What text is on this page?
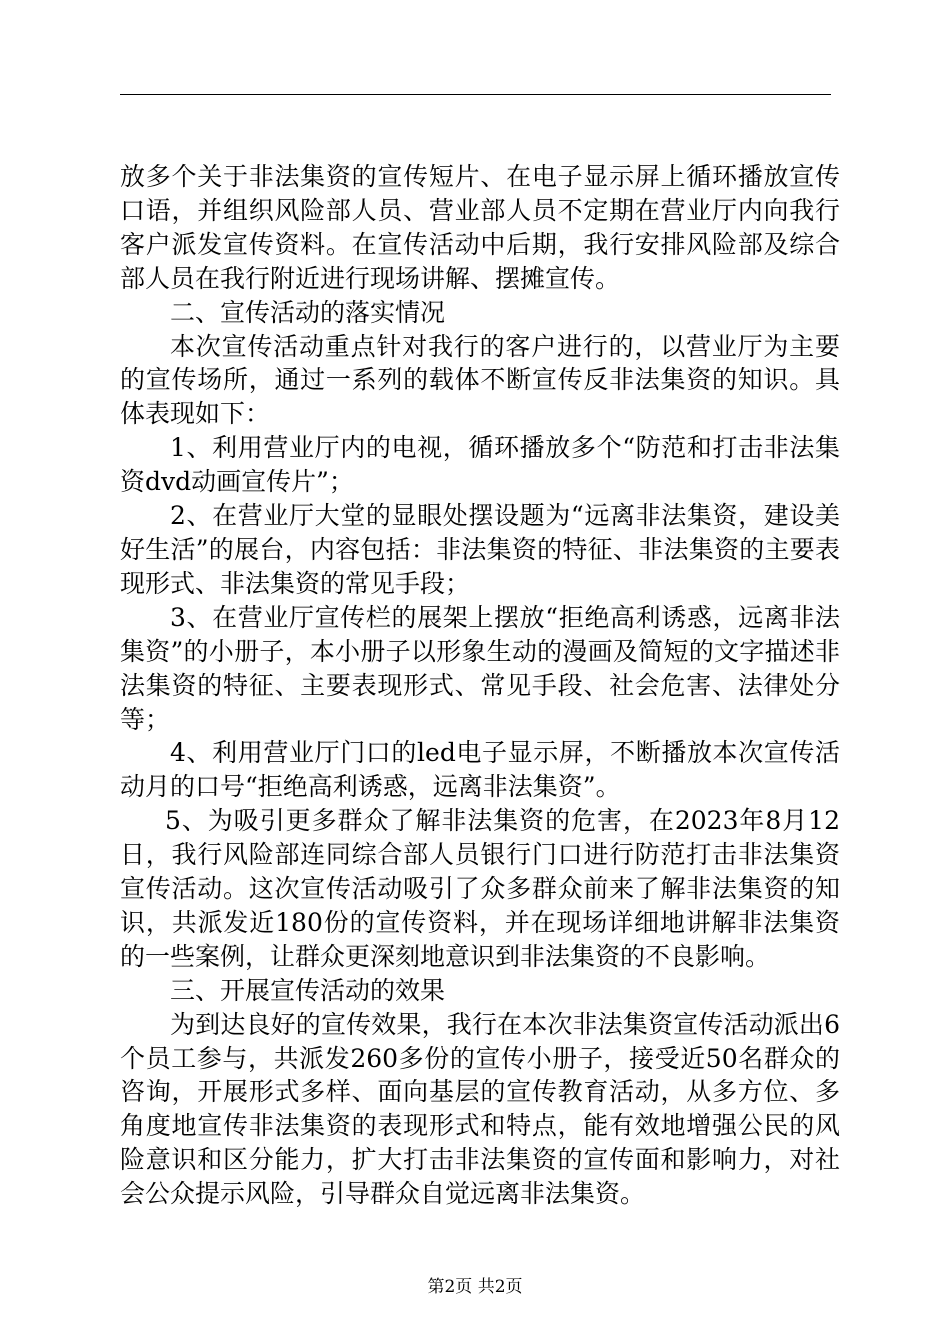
放多个关于非法集资的宣传短片、在电子显示屏上循环播放宣传口语，并组织风险部人员、营业部人员不定期在营业厅内向我行客户派发宣传资料。在宣传活动中后期，我行安排风险部及综合部人员在我行附近进行现场讲解、摆摊宣传。

二、宣传活动的落实情况

本次宣传活动重点针对我行的客户进行的，以营业厅为主要的宣传场所，通过一系列的载体不断宣传反非法集资的知识。具体表现如下：

1、利用营业厅内的电视，循环播放多个“防范和打击非法集资dvd动画宣传片”；

2、在营业厅大堂的显眼处摆设题为“远离非法集资，建设美好生活”的展台，内容包括：非法集资的特征、非法集资的主要表现形式、非法集资的常见手段；

3、在营业厅宣传栏的展架上摆放“拒绝高利诱惑，远离非法集资”的小册子，本小册子以形象生动的漫画及简短的文字描述非法集资的特征、主要表现形式、常见手段、社会危害、法律处分等；

4、利用营业厅门口的led电子显示屏，不断播放本次宣传活动月的口号“拒绝高利诱惑，远离非法集资”。

5、为吸引更多群众了解非法集资的危害，在2023年8月12日，我行风险部连同综合部人员银行门口进行防范打击非法集资宣传活动。这次宣传活动吸引了众多群众前来了解非法集资的知识，共派发近180份的宣传资料，并在现场详细地讲解非法集资的一些案例，让群众更深刻地意识到非法集资的不良影响。

三、开展宣传活动的效果

为到达良好的宣传效果，我行在本次非法集资宣传活动派出6个员工参与，共派发260多份的宣传小册子，接受近50名群众的咨询，开展形式多样、面向基层的宣传教育活动，从多方位、多角度地宣传非法集资的表现形式和特点，能有效地增强公民的风险意识和区分能力，扩大打击非法集资的宣传面和影响力，对社会公众提示风险，引导群众自觉远离非法集资。

第2页 共2页
